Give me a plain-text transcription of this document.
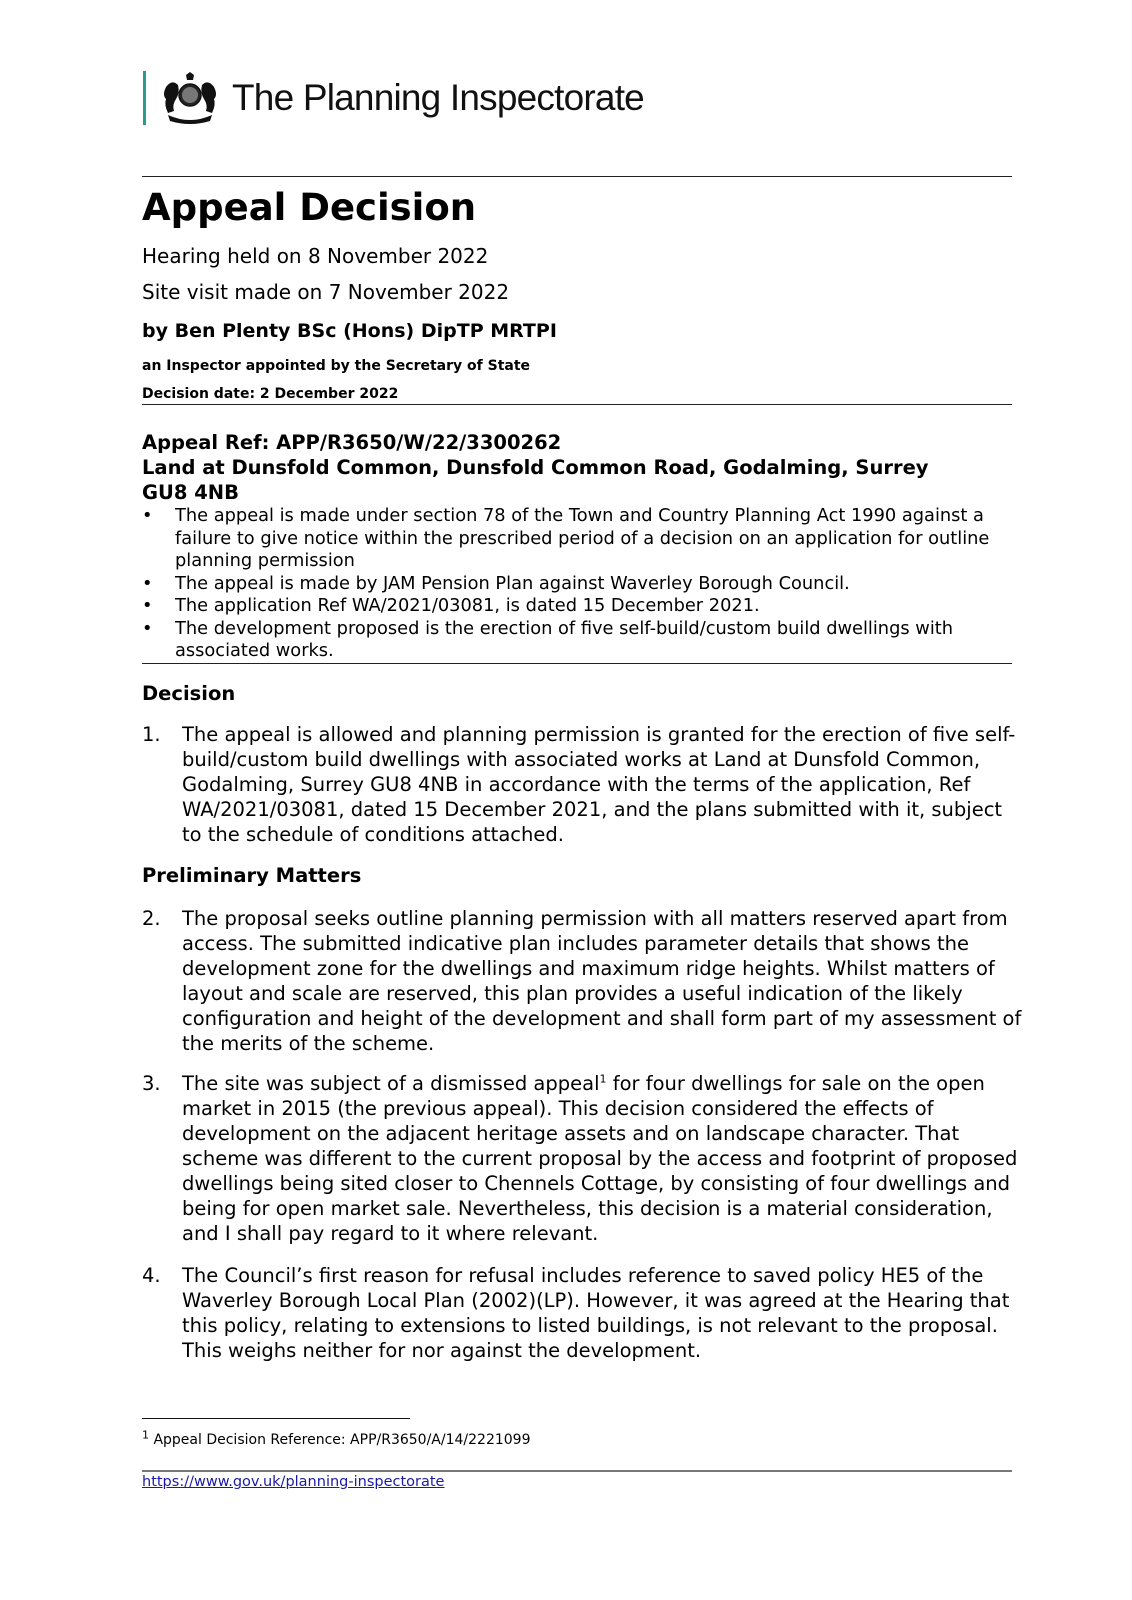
The Planning Inspectorate
Appeal Decision
Hearing held on 8 November 2022
Site visit made on 7 November 2022
by Ben Plenty BSc (Hons) DipTP MRTPI
an Inspector appointed by the Secretary of State
Decision date: 2 December 2022
Appeal Ref: APP/R3650/W/22/3300262
Land at Dunsfold Common, Dunsfold Common Road, Godalming, Surrey
GU8 4NB
• The appeal is made under section 78 of the Town and Country Planning Act 1990 against a failure to give notice within the prescribed period of a decision on an application for outline planning permission
• The appeal is made by JAM Pension Plan against Waverley Borough Council.
• The application Ref WA/2021/03081, is dated 15 December 2021.
• The development proposed is the erection of five self-build/custom build dwellings with associated works.
Decision
1. The appeal is allowed and planning permission is granted for the erection of five self-build/custom build dwellings with associated works at Land at Dunsfold Common, Godalming, Surrey GU8 4NB in accordance with the terms of the application, Ref WA/2021/03081, dated 15 December 2021, and the plans submitted with it, subject to the schedule of conditions attached.
Preliminary Matters
2. The proposal seeks outline planning permission with all matters reserved apart from access. The submitted indicative plan includes parameter details that shows the development zone for the dwellings and maximum ridge heights. Whilst matters of layout and scale are reserved, this plan provides a useful indication of the likely configuration and height of the development and shall form part of my assessment of the merits of the scheme.
3. The site was subject of a dismissed appeal$^1$ for four dwellings for sale on the open market in 2015 (the previous appeal). This decision considered the effects of development on the adjacent heritage assets and on landscape character. That scheme was different to the current proposal by the access and footprint of proposed dwellings being sited closer to Chennels Cottage, by consisting of four dwellings and being for open market sale. Nevertheless, this decision is a material consideration, and I shall pay regard to it where relevant.
4. The Council’s first reason for refusal includes reference to saved policy HE5 of the Waverley Borough Local Plan (2002)(LP). However, it was agreed at the Hearing that this policy, relating to extensions to listed buildings, is not relevant to the proposal. This weighs neither for nor against the development.
$^1$ Appeal Decision Reference: APP/R3650/A/14/2221099
https://www.gov.uk/planning-inspectorate
